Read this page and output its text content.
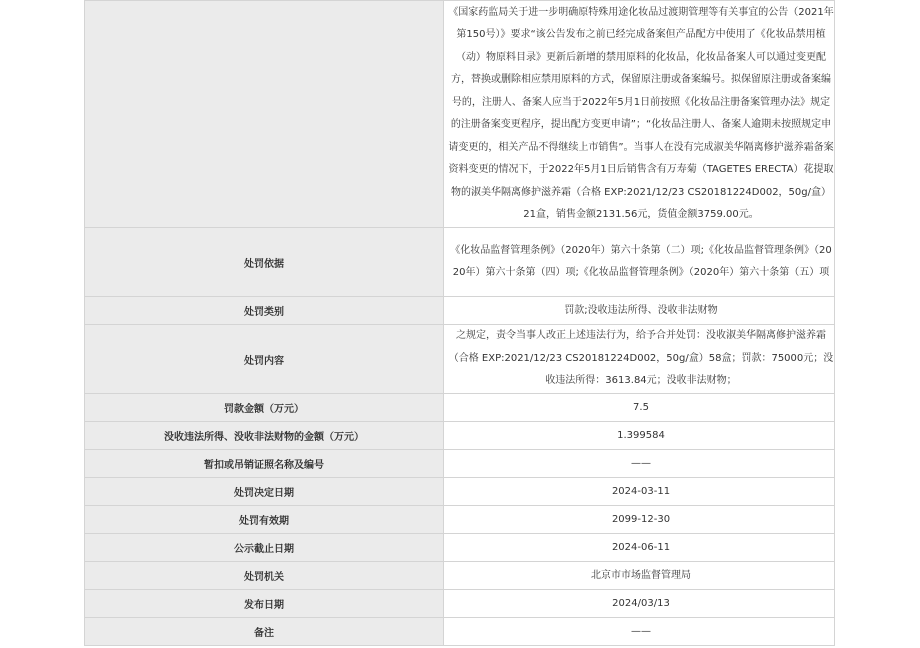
	《国家药监局关于进一步明确原特殊用途化妆品过渡期管理等有关事宜的公告（2021年第150号）》要求“该公告发布之前已经完成备案但产品配方中使用了《化妆品禁用植（动）物原料目录》更新后新增的禁用原料的化妆品，化妆品备案人可以通过变更配方，替换或删除相应禁用原料的方式，保留原注册或备案编号。拟保留原注册或备案编号的，注册人、备案人应当于2022年5月1日前按照《化妆品注册备案管理办法》规定的注册备案变更程序，提出配方变更申请”；“化妆品注册人、备案人逾期未按照规定申请变更的，相关产品不得继续上市销售”。当事人在没有完成淑美华隔离修护滋养霜备案资料变更的情况下，于2022年5月1日后销售含有万寿菊（TAGETES ERECTA）花提取物的淑美华隔离修护滋养霜（合格 EXP:2021/12/23 CS20181224D002，50g/盒）21盒，销售金额2131.56元，货值金额3759.00元。

处罚依据	《化妆品监督管理条例》（2020年）第六十条第（二）项;《化妆品监督管理条例》（2020年）第六十条第（四）项;《化妆品监督管理条例》（2020年）第六十条第（五）项

处罚类别	罚款;没收违法所得、没收非法财物

处罚内容	之规定，责令当事人改正上述违法行为，给予合并处罚：没收淑美华隔离修护滋养霜（合格 EXP:2021/12/23 CS20181224D002，50g/盒）58盒；罚款：75000元；没收违法所得：3613.84元；没收非法财物；

罚款金额（万元）	7.5

没收违法所得、没收非法财物的金额（万元）	1.399584

暂扣或吊销证照名称及编号	——

处罚决定日期	2024-03-11

处罚有效期	2099-12-30

公示截止日期	2024-06-11

处罚机关	北京市市场监督管理局

发布日期	2024/03/13

备注	——
